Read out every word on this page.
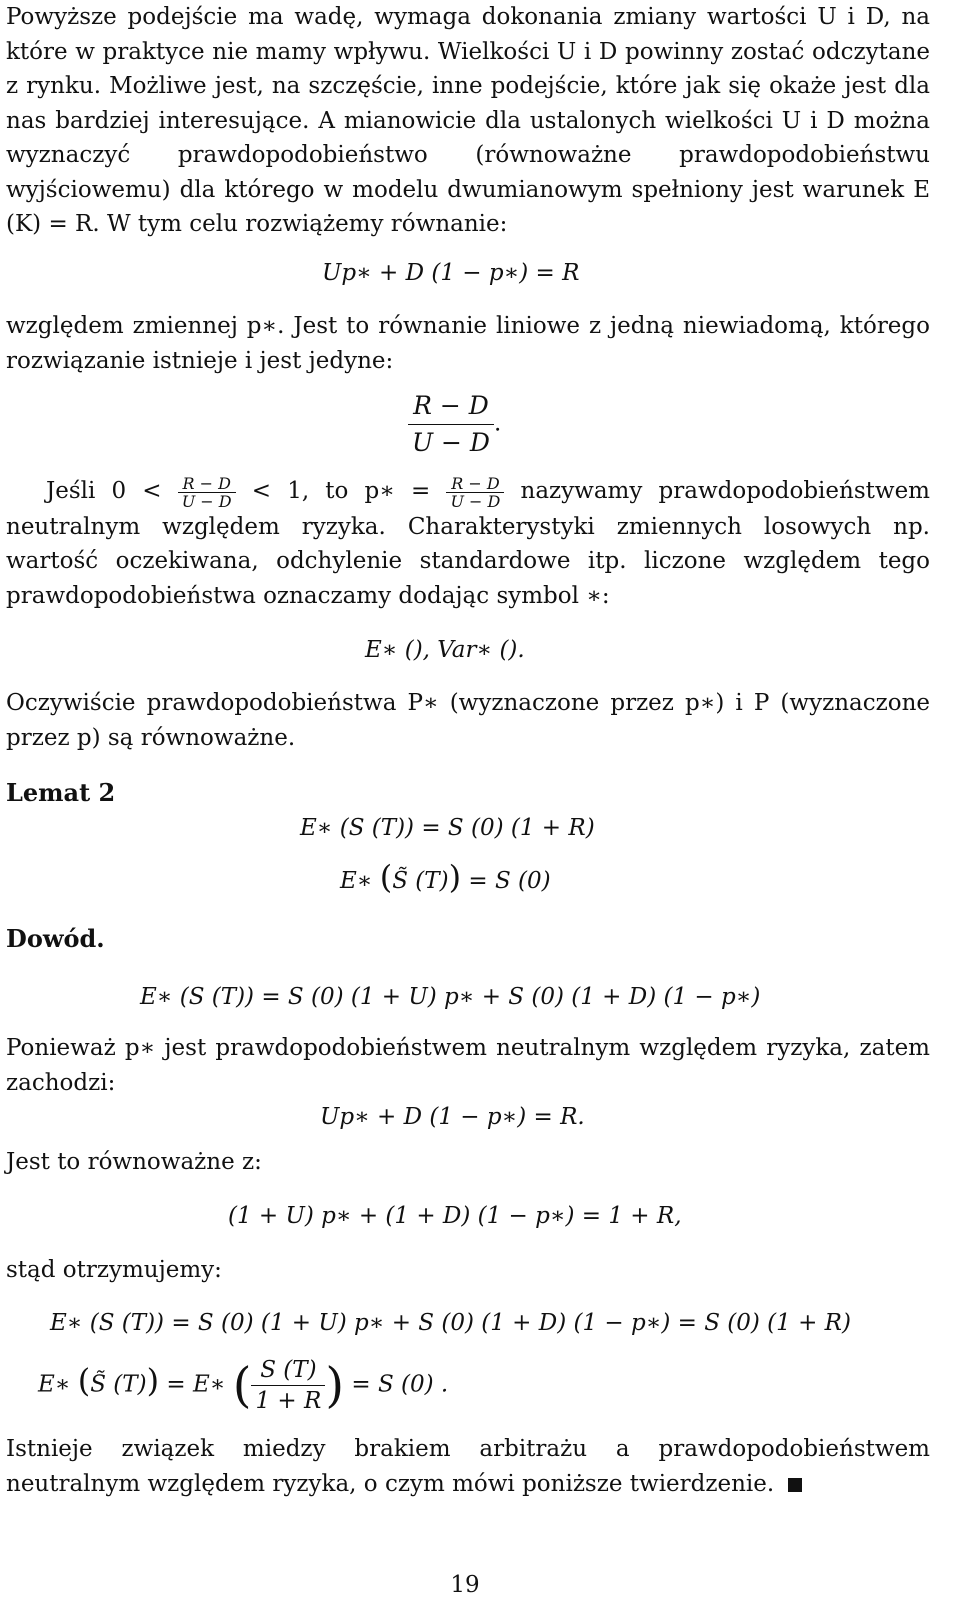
Powyższe podejście ma wadę, wymaga dokonania zmiany wartości U i D, na które w praktyce nie mamy wpływu. Wielkości U i D powinny zostać odczytane z rynku. Możliwe jest, na szczęście, inne podejście, które jak się okaże jest dla nas bardziej interesujące. A mianowicie dla ustalonych wielkości U i D można wyznaczyć prawdopodobieństwo (równoważne prawdopodobieństwu wyjściowemu) dla którego w modelu dwumianowym spełniony jest warunek E (K) = R. W tym celu rozwiążemy równanie:

Up∗ + D (1 − p∗) = R

względem zmiennej p∗. Jest to równanie liniowe z jedną niewiadomą, którego rozwiązanie istnieje i jest jedyne:

$\frac{R - D}{U - D}$ .
Jeśli $0 < \frac{R - D}{U - D} < 1$, to p∗ = $\frac{R - D}{U - D}$ nazywamy prawdopodobieństwem neutralnym względem ryzyka. Charakterystyki zmiennych losowych np. wartość oczekiwana, odchylenie standardowe itp. liczone względem tego prawdopodobieństwa oznaczamy dodając symbol ∗:
E∗ (), Var∗ ().

Oczywiście prawdopodobieństwa P∗ (wyznaczone przez p∗) i P (wyznaczone przez p) są równoważne.

Lemat 2
E∗ (S (T)) = S (0) (1 + R)
E∗ (S̃ (T)) = S (0)
Dowód.
E∗ (S (T)) = S (0) (1 + U) p∗ + S (0) (1 + D) (1 − p∗)

Ponieważ p∗ jest prawdopodobieństwem neutralnym względem ryzyka, zatem zachodzi:

Up∗ + D (1 − p∗) = R.
Jest to równoważne z:
(1 + U) p∗ + (1 + D) (1 − p∗) = 1 + R,
stąd otrzymujemy:
E∗ (S (T)) = S (0) (1 + U) p∗ + S (0) (1 + D) (1 − p∗) = S (0) (1 + R)
E∗ (S̃ (T)) = E∗ ( $\frac{S (T)}{1 + R}$ ) = S (0) .
Istnieje związek miedzy brakiem arbitrażu a prawdopodobieństwem neutralnym względem ryzyka, o czym mówi poniższe twierdzenie.
19
